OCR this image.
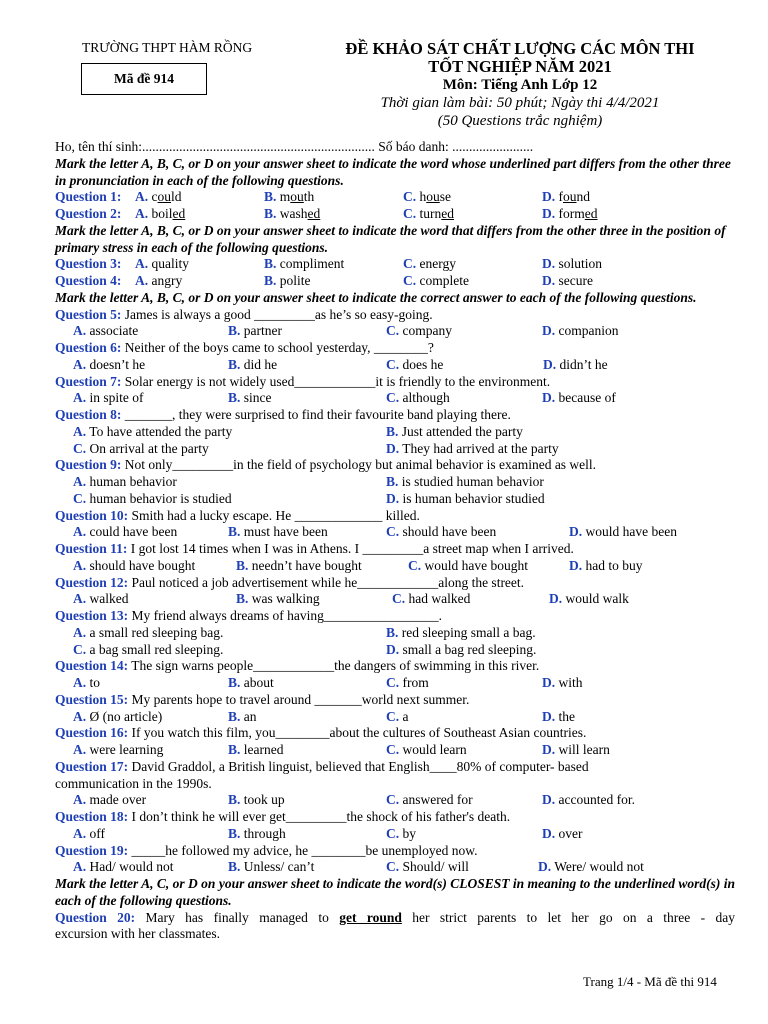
TRƯỜNG THPT HÀM RỒNG
Mã đề 914
ĐỀ KHẢO SÁT CHẤT LƯỢNG CÁC MÔN THI
TỐT NGHIỆP NĂM 2021
Môn: Tiếng Anh Lớp 12
Thời gian làm bài: 50 phút; Ngày thi 4/4/2021
(50 Questions trắc nghiệm)
Ho, tên thí sinh:..................................................................... Số báo danh: ........................
Mark the letter A, B, C, or D on your answer sheet to indicate the word whose underlined part differs from the other three in pronunciation in each of the following questions.
Question 1: A. could	B. mouth	C. house	D. found
Question 2: A. boiled	B. washed	C. turned	D. formed
Mark the letter A, B, C, or D on your answer sheet to indicate the word that differs from the other three in the position of primary stress in each of the following questions.
Question 3: A. quality	B. compliment	C. energy	D. solution
Question 4: A. angry	B. polite	C. complete	D. secure
Mark the letter A, B, C, or D on your answer sheet to indicate the correct answer to each of the following questions.
Question 5: James is always a good _________as he’s so easy-going.
A. associate	B. partner	C. company	D. companion
Question 6: Neither of the boys came to school yesterday, ________?
A. doesn’t he	B. did he	C. does he	D. didn’t he
Question 7: Solar energy is not widely used____________it is friendly to the environment.
A. in spite of	B. since	C. although	D. because of
Question 8: _______, they were surprised to find their favourite band playing there.
A. To have attended the party	B. Just attended the party
C. On arrival at the party	D. They had arrived at the party
Question 9: Not only_________in the field of psychology but animal behavior is examined as well.
A. human behavior	B. is studied human behavior
C. human behavior is studied	D. is human behavior studied
Question 10: Smith had a lucky escape. He _____________ killed.
A. could have been	B. must have been	C. should have been	D. would have been
Question 11: I got lost 14 times when I was in Athens. I _________a street map when I arrived.
A. should have bought	B. needn’t have bought	C. would have bought	D. had to buy
Question 12: Paul noticed a job advertisement while he____________along the street.
A. walked	B. was walking	C. had walked	D. would walk
Question 13: My friend always dreams of having_________________.
A. a small red sleeping bag.	B. red sleeping small a bag.
C. a bag small red sleeping.	D. small a bag red sleeping.
Question 14: The sign warns people____________the dangers of swimming in this river.
A. to	B. about	C. from	D. with
Question 15: My parents hope to travel around _______world next summer.
A. Ø (no article)	B. an	C. a	D. the
Question 16: If you watch this film, you________about the cultures of Southeast Asian countries.
A. were learning	B. learned	C. would learn	D. will learn
Question 17: David Graddol, a British linguist, believed that English____80% of computer- based
communication in the 1990s.
A. made over	B. took up	C. answered for	D. accounted for.
Question 18: I don’t think he will ever get_________the shock of his father's death.
A. off	B. through	C. by	D. over
Question 19: _____he followed my advice, he ________be unemployed now.
A. Had/ would not	B. Unless/ can’t	C. Should/ will	D. Were/ would not
Mark the letter A, C, or D on your answer sheet to indicate the word(s) CLOSEST in meaning to the underlined word(s) in each of the following questions.
Question 20: Mary has finally managed to get round her strict parents to let her go on a three - day
excursion with her classmates.
Trang 1/4 - Mã đề thi 914
